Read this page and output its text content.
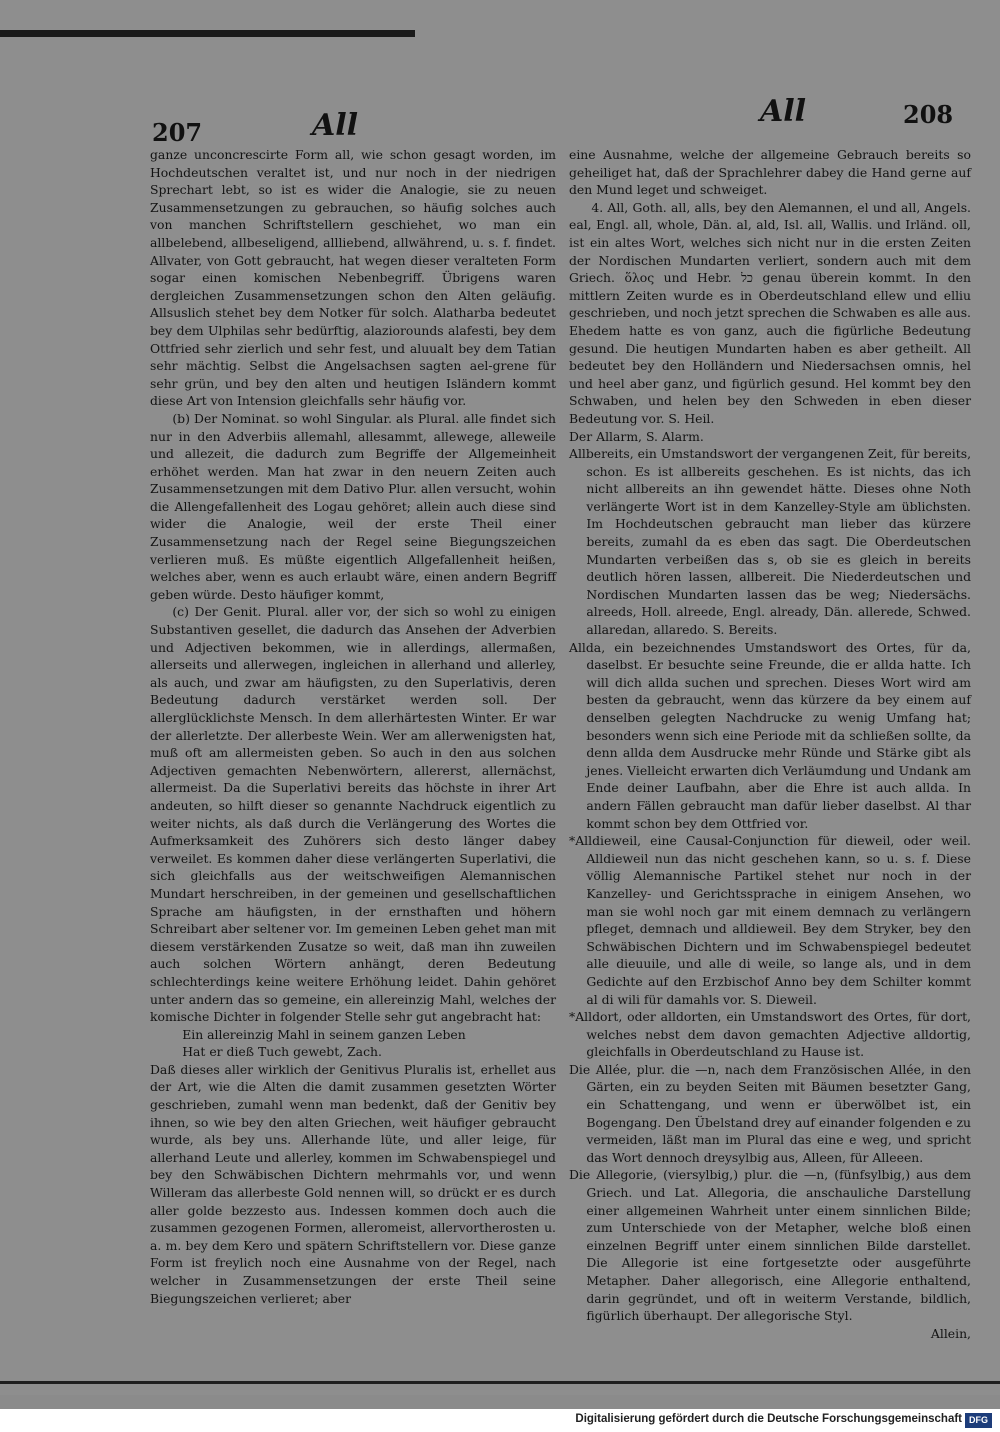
207	All	All	208

ganze unconcrescirte Form all, wie schon gesagt worden, im Hochdeutschen veraltet ist, und nur noch in der niedrigen Sprechart lebt, so ist es wider die Analogie, sie zu neuen Zusammensetzungen zu gebrauchen, so häufig solches auch von manchen Schriftstellern geschiehet, wo man ein allbelebend, allbeseligend, allliebend, allwährend, u. s. f. findet. Allvater, von Gott gebraucht, hat wegen dieser veralteten Form sogar einen komischen Nebenbegriff. Übrigens waren dergleichen Zusammensetzungen schon den Alten geläufig. Allsuslich stehet bey dem Notker für solch. Alatharba bedeutet bey dem Ulphilas sehr bedürftig, alaziorounds alafesti, bey dem Ottfried sehr zierlich und sehr fest, und aluualt bey dem Tatian sehr mächtig. Selbst die Angelsachsen sagten ael-grene für sehr grün, und bey den alten und heutigen Isländern kommt diese Art von Intension gleichfalls sehr häufig vor.

(b) Der Nominat. so wohl Singular. als Plural. alle findet sich nur in den Adverbiis allemahl, allesammt, allewege, alleweile und allezeit, die dadurch zum Begriffe der Allgemeinheit erhöhet werden. Man hat zwar in den neuern Zeiten auch Zusammensetzungen mit dem Dativo Plur. allen versucht, wohin die Allengefallenheit des Logau gehöret; allein auch diese sind wider die Analogie, weil der erste Theil einer Zusammensetzung nach der Regel seine Biegungszeichen verlieren muß. Es müßte eigentlich Allgefallenheit heißen, welches aber, wenn es auch erlaubt wäre, einen andern Begriff geben würde. Desto häufiger kommt,

(c) Der Genit. Plural. aller vor, der sich so wohl zu einigen Substantiven gesellet, die dadurch das Ansehen der Adverbien und Adjectiven bekommen, wie in allerdings, allermaßen, allerseits und allerwegen, ingleichen in allerhand und allerley, als auch, und zwar am häufigsten, zu den Superlativis, deren Bedeutung dadurch verstärket werden soll. Der allerglücklichste Mensch. In dem allerhärtesten Winter. Er war der allerletzte. Der allerbeste Wein. Wer am allerwenigsten hat, muß oft am allermeisten geben. So auch in den aus solchen Adjectiven gemachten Nebenwörtern, allererst, allernächst, allermeist. Da die Superlativi bereits das höchste in ihrer Art andeuten, so hilft dieser so genannte Nachdruck eigentlich zu weiter nichts, als daß durch die Verlängerung des Wortes die Aufmerksamkeit des Zuhörers sich desto länger dabey verweilet. Es kommen daher diese verlängerten Superlativi, die sich gleichfalls aus der weitschweifigen Alemannischen Mundart herschreiben, in der gemeinen und gesellschaftlichen Sprache am häufigsten, in der ernsthaften und höhern Schreibart aber seltener vor. Im gemeinen Leben gehet man mit diesem verstärkenden Zusatze so weit, daß man ihn zuweilen auch solchen Wörtern anhängt, deren Bedeutung schlechterdings keine weitere Erhöhung leidet. Dahin gehöret unter andern das so gemeine, ein allereinzig Mahl, welches der komische Dichter in folgender Stelle sehr gut angebracht hat:

Ein allereinzig Mahl in seinem ganzen Leben

Hat er dieß Tuch gewebt, Zach.

Daß dieses aller wirklich der Genitivus Pluralis ist, erhellet aus der Art, wie die Alten die damit zusammen gesetzten Wörter geschrieben, zumahl wenn man bedenkt, daß der Genitiv bey ihnen, so wie bey den alten Griechen, weit häufiger gebraucht wurde, als bey uns. Allerhande lüte, und aller leige, für allerhand Leute und allerley, kommen im Schwabenspiegel und bey den Schwäbischen Dichtern mehrmahls vor, und wenn Willeram das allerbeste Gold nennen will, so drückt er es durch aller golde bezzesto aus. Indessen kommen doch auch die zusammen gezogenen Formen, alleromeist, allervortherosten u. a. m. bey dem Kero und spätern Schriftstellern vor. Diese ganze Form ist freylich noch eine Ausnahme von der Regel, nach welcher in Zusammensetzungen der erste Theil seine Biegungszeichen verlieret; aber

eine Ausnahme, welche der allgemeine Gebrauch bereits so geheiliget hat, daß der Sprachlehrer dabey die Hand gerne auf den Mund leget und schweiget.

4. All, Goth. all, alls, bey den Alemannen, el und all, Angels. eal, Engl. all, whole, Dän. al, ald, Isl. all, Wallis. und Irländ. oll, ist ein altes Wort, welches sich nicht nur in die ersten Zeiten der Nordischen Mundarten verliert, sondern auch mit dem Griech. ὅλος und Hebr. כל genau überein kommt. In den mittlern Zeiten wurde es in Oberdeutschland ellew und elliu geschrieben, und noch jetzt sprechen die Schwaben es alle aus. Ehedem hatte es von ganz, auch die figürliche Bedeutung gesund. Die heutigen Mundarten haben es aber getheilt. All bedeutet bey den Holländern und Niedersachsen omnis, hel und heel aber ganz, und figürlich gesund. Hel kommt bey den Schwaben, und helen bey den Schweden in eben dieser Bedeutung vor. S. Heil.

Der Allarm, S. Alarm.

Allbereits, ein Umstandswort der vergangenen Zeit, für bereits, schon. Es ist allbereits geschehen. Es ist nichts, das ich nicht allbereits an ihn gewendet hätte. Dieses ohne Noth verlängerte Wort ist in dem Kanzelley-Style am üblichsten. Im Hochdeutschen gebraucht man lieber das kürzere bereits, zumahl da es eben das sagt. Die Oberdeutschen Mundarten verbeißen das s, ob sie es gleich in bereits deutlich hören lassen, allbereit. Die Niederdeutschen und Nordischen Mundarten lassen das be weg; Niedersächs. alreeds, Holl. alreede, Engl. already, Dän. allerede, Schwed. allaredan, allaredo. S. Bereits.

Allda, ein bezeichnendes Umstandswort des Ortes, für da, daselbst. Er besuchte seine Freunde, die er allda hatte. Ich will dich allda suchen und sprechen. Dieses Wort wird am besten da gebraucht, wenn das kürzere da bey einem auf denselben gelegten Nachdrucke zu wenig Umfang hat; besonders wenn sich eine Periode mit da schließen sollte, da denn allda dem Ausdrucke mehr Ründe und Stärke gibt als jenes. Vielleicht erwarten dich Verläumdung und Undank am Ende deiner Laufbahn, aber die Ehre ist auch allda. In andern Fällen gebraucht man dafür lieber daselbst. Al thar kommt schon bey dem Ottfried vor.

*Alldieweil, eine Causal-Conjunction für dieweil, oder weil. Alldieweil nun das nicht geschehen kann, so u. s. f. Diese völlig Alemannische Partikel stehet nur noch in der Kanzelley- und Gerichtssprache in einigem Ansehen, wo man sie wohl noch gar mit einem demnach zu verlängern pfleget, demnach und alldieweil. Bey dem Stryker, bey den Schwäbischen Dichtern und im Schwabenspiegel bedeutet alle dieuuile, und alle di weile, so lange als, und in dem Gedichte auf den Erzbischof Anno bey dem Schilter kommt al di wili für damahls vor. S. Dieweil.

*Alldort, oder alldorten, ein Umstandswort des Ortes, für dort, welches nebst dem davon gemachten Adjective alldortig, gleichfalls in Oberdeutschland zu Hause ist.

Die Allée, plur. die —n, nach dem Französischen Allée, in den Gärten, ein zu beyden Seiten mit Bäumen besetzter Gang, ein Schattengang, und wenn er überwölbet ist, ein Bogengang. Den Übelstand drey auf einander folgenden e zu vermeiden, läßt man im Plural das eine e weg, und spricht das Wort dennoch dreysylbig aus, Alleen, für Alleeen.

Die Allegorie, (viersylbig,) plur. die —n, (fünfsylbig,) aus dem Griech. und Lat. Allegoria, die anschauliche Darstellung einer allgemeinen Wahrheit unter einem sinnlichen Bilde; zum Unterschiede von der Metapher, welche bloß einen einzelnen Begriff unter einem sinnlichen Bilde darstellet. Die Allegorie ist eine fortgesetzte oder ausgeführte Metapher. Daher allegorisch, eine Allegorie enthaltend, darin gegründet, und oft in weiterm Verstande, bildlich, figürlich überhaupt. Der allegorische Styl.

Allein,

Digitalisierung gefördert durch die Deutsche Forschungsgemeinschaft DFG
